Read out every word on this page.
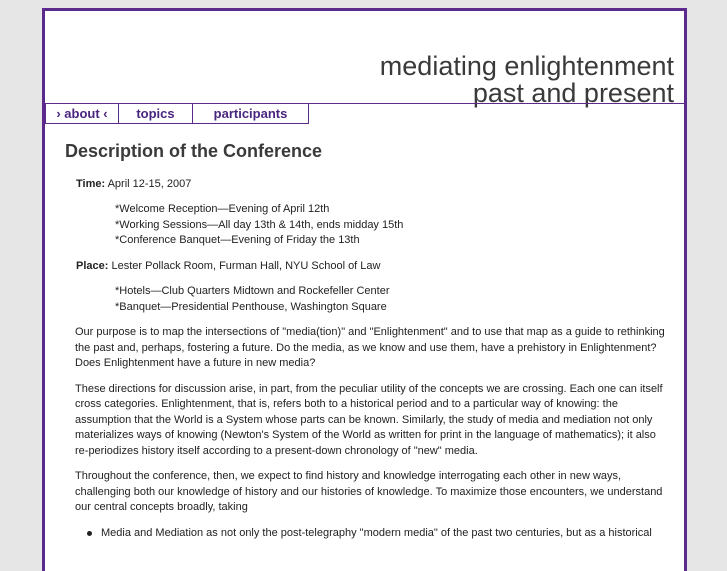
mediating enlightenment
past and present
› about ‹	topics	participants
Description of the Conference
Time: April 12-15, 2007
*Welcome Reception—Evening of April 12th
*Working Sessions—All day 13th & 14th, ends midday 15th
*Conference Banquet—Evening of Friday the 13th
Place: Lester Pollack Room, Furman Hall, NYU School of Law
*Hotels—Club Quarters Midtown and Rockefeller Center
*Banquet—Presidential Penthouse, Washington Square

Our purpose is to map the intersections of "media(tion)" and "Enlightenment" and to use that map as a guide to rethinking the past and, perhaps, fostering a future. Do the media, as we know and use them, have a prehistory in Enlightenment? Does Enlightenment have a future in new media?

These directions for discussion arise, in part, from the peculiar utility of the concepts we are crossing. Each one can itself cross categories. Enlightenment, that is, refers both to a historical period and to a particular way of knowing: the assumption that the World is a System whose parts can be known. Similarly, the study of media and mediation not only materializes ways of knowing (Newton's System of the World as written for print in the language of mathematics); it also re-periodizes history itself according to a present-down chronology of "new" media.

Throughout the conference, then, we expect to find history and knowledge interrogating each other in new ways, challenging both our knowledge of history and our histories of knowledge. To maximize those encounters, we understand our central concepts broadly, taking

Media and Mediation as not only the post-telegraphy "modern media" of the past two centuries, but as a historical
